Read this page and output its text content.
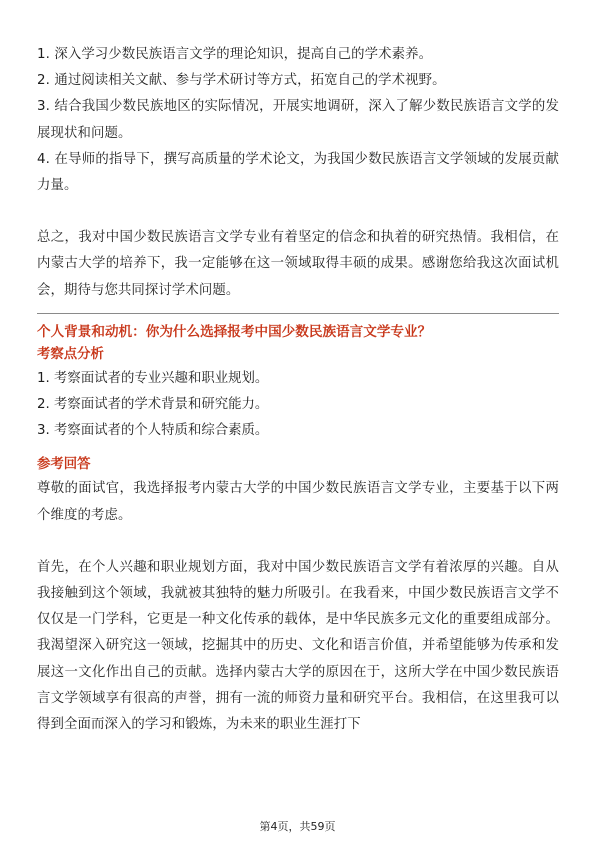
1. 深入学习少数民族语言文学的理论知识，提高自己的学术素养。

2. 通过阅读相关文献、参与学术研讨等方式，拓宽自己的学术视野。

3. 结合我国少数民族地区的实际情况，开展实地调研，深入了解少数民族语言文学的发展现状和问题。

4. 在导师的指导下，撰写高质量的学术论文，为我国少数民族语言文学领域的发展贡献力量。

总之，我对中国少数民族语言文学专业有着坚定的信念和执着的研究热情。我相信，在内蒙古大学的培养下，我一定能够在这一领域取得丰硕的成果。感谢您给我这次面试机会，期待与您共同探讨学术问题。

个人背景和动机：你为什么选择报考中国少数民族语言文学专业？

考察点分析

1. 考察面试者的专业兴趣和职业规划。

2. 考察面试者的学术背景和研究能力。

3. 考察面试者的个人特质和综合素质。

参考回答

尊敬的面试官，我选择报考内蒙古大学的中国少数民族语言文学专业，主要基于以下两个维度的考虑。

首先，在个人兴趣和职业规划方面，我对中国少数民族语言文学有着浓厚的兴趣。自从我接触到这个领域，我就被其独特的魅力所吸引。在我看来，中国少数民族语言文学不仅仅是一门学科，它更是一种文化传承的载体，是中华民族多元文化的重要组成部分。我渴望深入研究这一领域，挖掘其中的历史、文化和语言价值，并希望能够为传承和发展这一文化作出自己的贡献。选择内蒙古大学的原因在于，这所大学在中国少数民族语言文学领域享有很高的声誉，拥有一流的师资力量和研究平台。我相信，在这里我可以得到全面而深入的学习和锻炼，为未来的职业生涯打下

第4页，共59页
